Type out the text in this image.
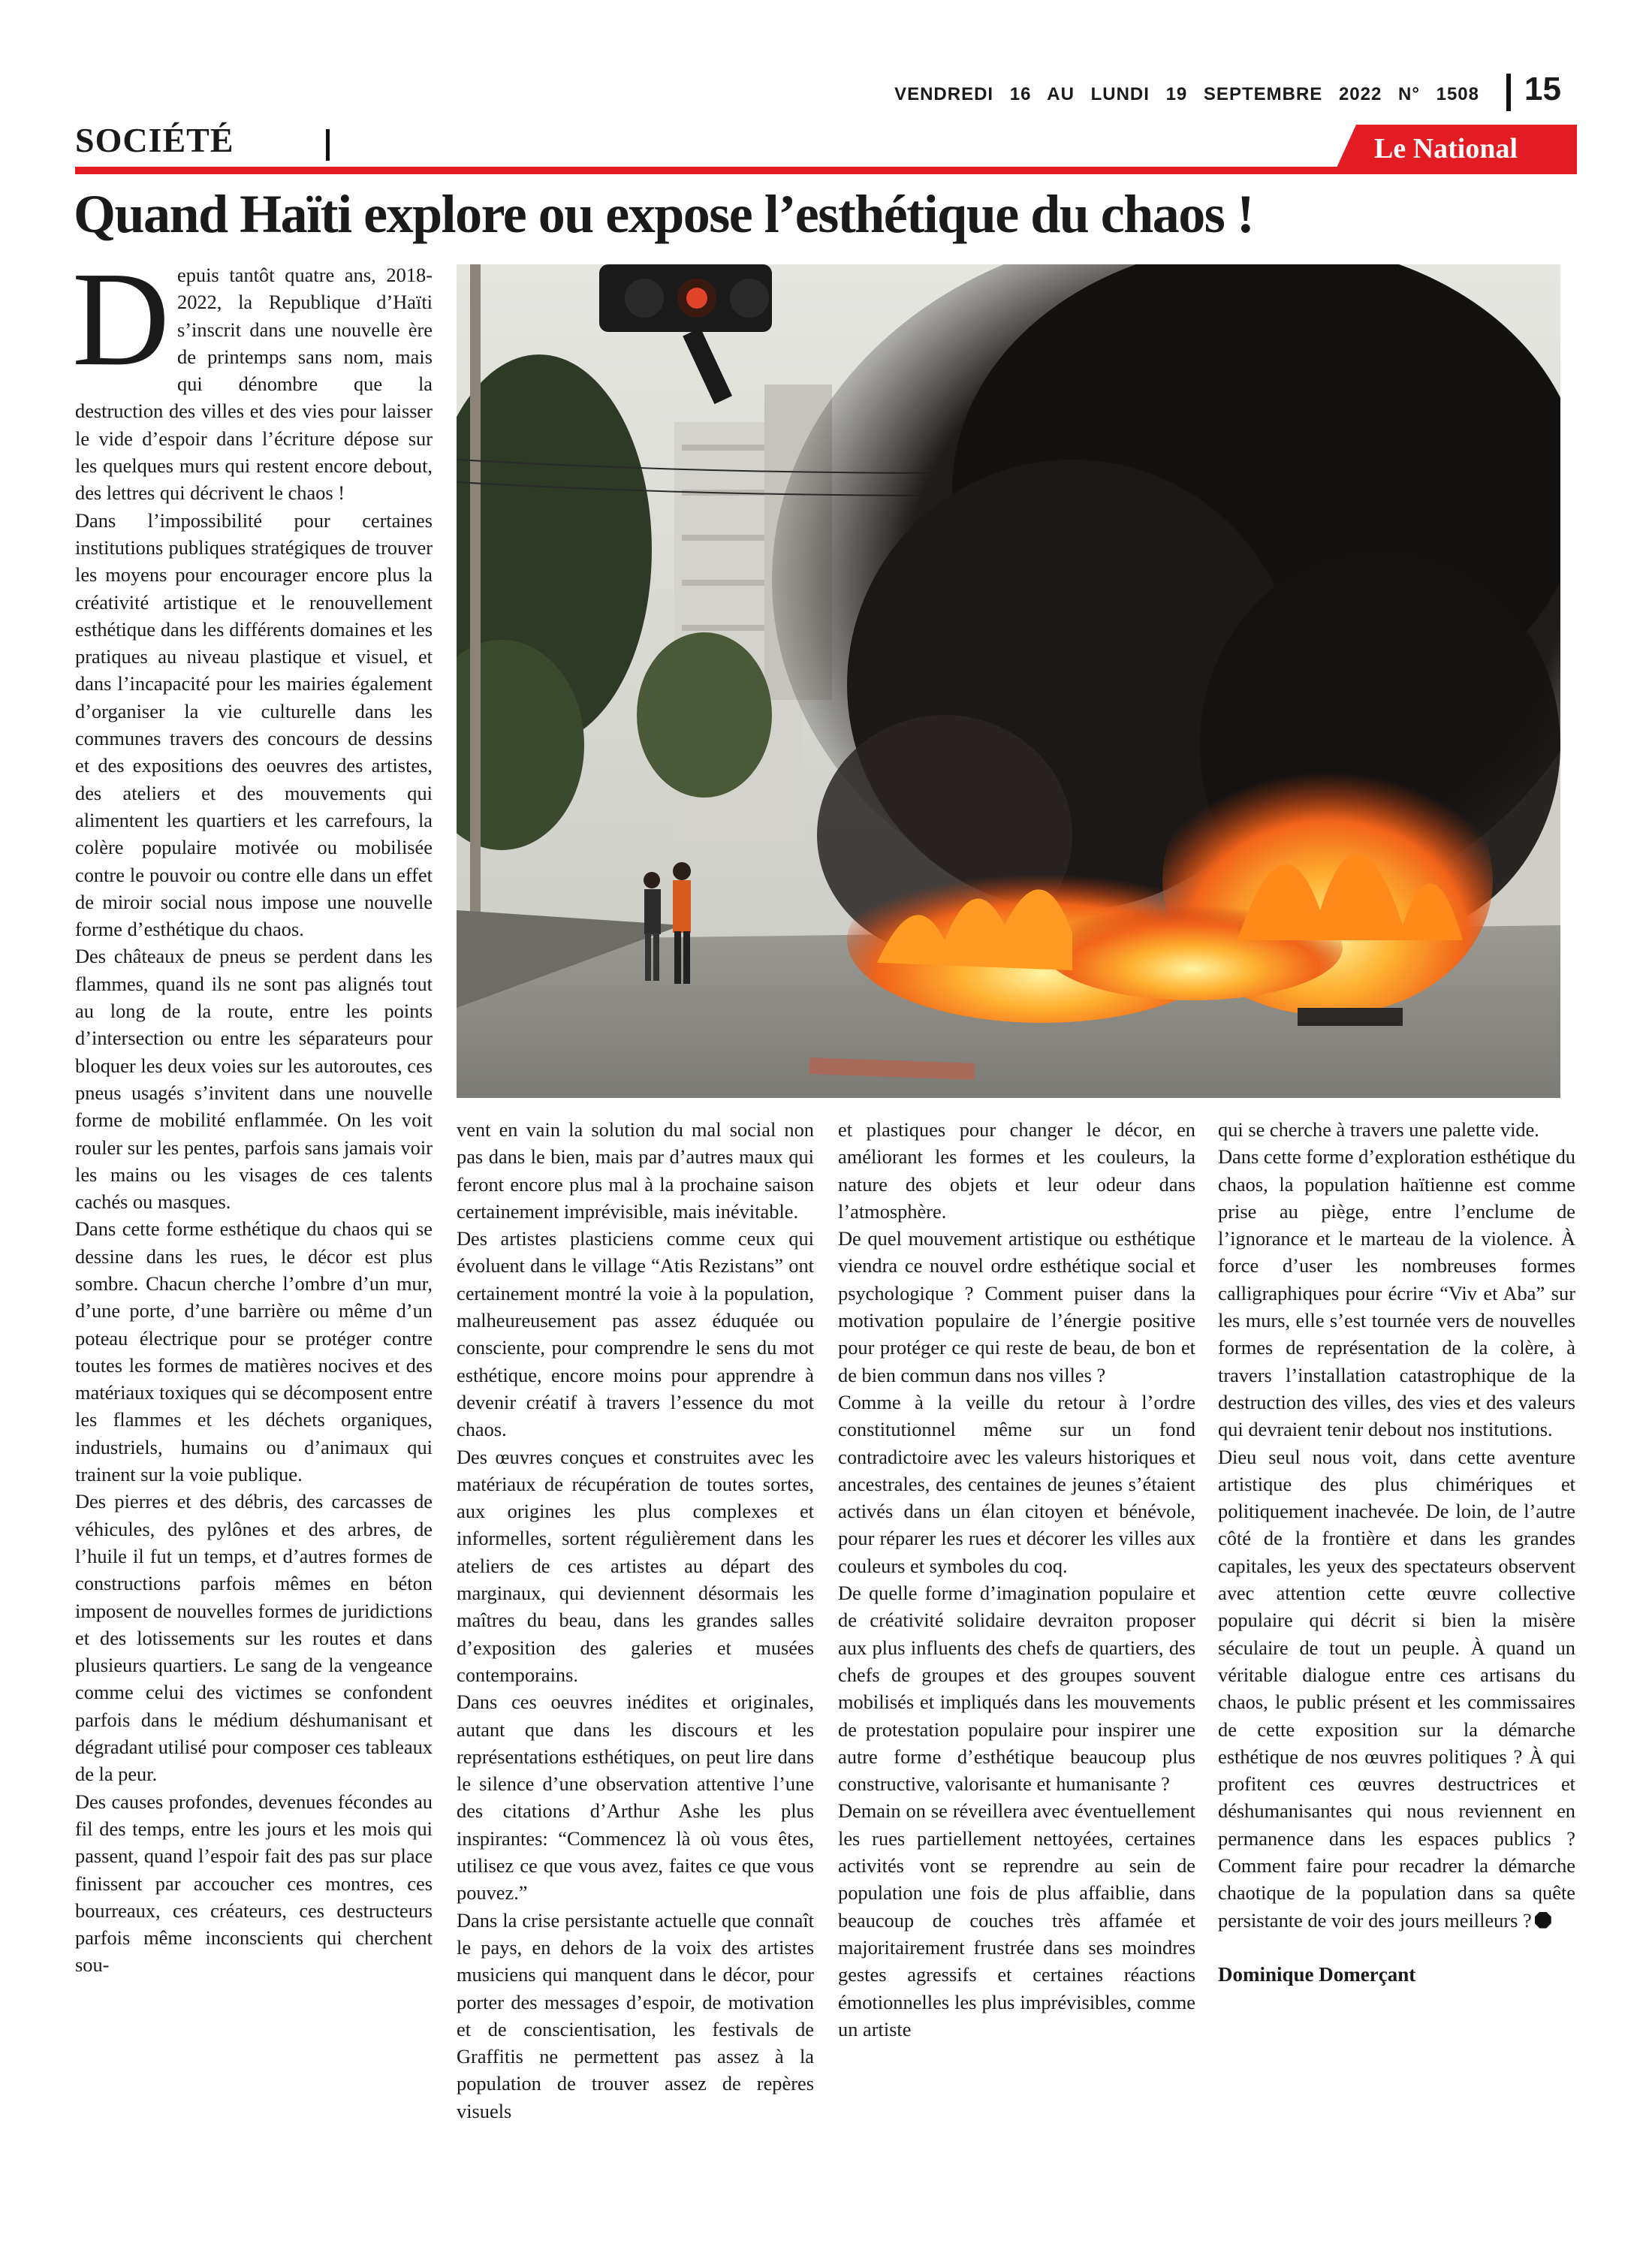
VENDREDI 16 AU LUNDI 19 SEPTEMBRE 2022 N° 1508 15
SOCIÉTÉ	Le National
Quand Haïti explore ou expose l’esthétique du chaos !

Depuis tantôt quatre ans, 2018-2022, la Republique d’Haïti s’inscrit dans une nouvelle ère de printemps sans nom, mais qui dénombre que la destruction des villes et des vies pour laisser le vide d’espoir dans l’écriture dépose sur les quelques murs qui restent encore debout, des lettres qui décrivent le chaos !

Dans l’impossibilité pour certaines institutions publiques stratégiques de trouver les moyens pour encourager encore plus la créativité artistique et le renouvellement esthétique dans les différents domaines et les pratiques au niveau plastique et visuel, et dans l’incapacité pour les mairies également d’organiser la vie culturelle dans les communes travers des concours de dessins et des expositions des oeuvres des artistes, des ateliers et des mouvements qui alimentent les quartiers et les carrefours, la colère populaire motivée ou mobilisée contre le pouvoir ou contre elle dans un effet de miroir social nous impose une nouvelle forme d’esthétique du chaos.

Des châteaux de pneus se perdent dans les flammes, quand ils ne sont pas alignés tout au long de la route, entre les points d’intersection ou entre les séparateurs pour bloquer les deux voies sur les autoroutes, ces pneus usagés s’invitent dans une nouvelle forme de mobilité enflammée. On les voit rouler sur les pentes, parfois sans jamais voir les mains ou les visages de ces talents cachés ou masques.

Dans cette forme esthétique du chaos qui se dessine dans les rues, le décor est plus sombre. Chacun cherche l’ombre d’un mur, d’une porte, d’une barrière ou même d’un poteau électrique pour se protéger contre toutes les formes de matières nocives et des matériaux toxiques qui se décomposent entre les flammes et les déchets organiques, industriels, humains ou d’animaux qui trainent sur la voie publique.

Des pierres et des débris, des carcasses de véhicules, des pylônes et des arbres, de l’huile il fut un temps, et d’autres formes de constructions parfois mêmes en béton imposent de nouvelles formes de juridictions et des lotissements sur les routes et dans plusieurs quartiers. Le sang de la vengeance comme celui des victimes se confondent parfois dans le médium déshumanisant et dégradant utilisé pour composer ces tableaux de la peur.

Des causes profondes, devenues fécondes au fil des temps, entre les jours et les mois qui passent, quand l’espoir fait des pas sur place finissent par accoucher ces montres, ces bourreaux, ces créateurs, ces destructeurs parfois même inconscients qui cherchent sou-

vent en vain la solution du mal social non pas dans le bien, mais par d’autres maux qui feront encore plus mal à la prochaine saison certainement imprévisible, mais inévitable.

Des artistes plasticiens comme ceux qui évoluent dans le village “Atis Rezistans” ont certainement montré la voie à la population, malheureusement pas assez éduquée ou consciente, pour comprendre le sens du mot esthétique, encore moins pour apprendre à devenir créatif à travers l’essence du mot chaos.

Des œuvres conçues et construites avec les matériaux de récupération de toutes sortes, aux origines les plus complexes et informelles, sortent régulièrement dans les ateliers de ces artistes au départ des marginaux, qui deviennent désormais les maîtres du beau, dans les grandes salles d’exposition des galeries et musées contemporains.

Dans ces oeuvres inédites et originales, autant que dans les discours et les représentations esthétiques, on peut lire dans le silence d’une observation attentive l’une des citations d’Arthur Ashe les plus inspirantes: “Commencez là où vous êtes, utilisez ce que vous avez, faites ce que vous pouvez.”

Dans la crise persistante actuelle que connaît le pays, en dehors de la voix des artistes musiciens qui manquent dans le décor, pour porter des messages d’espoir, de motivation et de conscientisation, les festivals de Graffitis ne permettent pas assez à la population de trouver assez de repères visuels

et plastiques pour changer le décor, en améliorant les formes et les couleurs, la nature des objets et leur odeur dans l’atmosphère.

De quel mouvement artistique ou esthétique viendra ce nouvel ordre esthétique social et psychologique ? Comment puiser dans la motivation populaire de l’énergie positive pour protéger ce qui reste de beau, de bon et de bien commun dans nos villes ?

Comme à la veille du retour à l’ordre constitutionnel même sur un fond contradictoire avec les valeurs historiques et ancestrales, des centaines de jeunes s’étaient activés dans un élan citoyen et bénévole, pour réparer les rues et décorer les villes aux couleurs et symboles du coq.

De quelle forme d’imagination populaire et de créativité solidaire devraiton proposer aux plus influents des chefs de quartiers, des chefs de groupes et des groupes souvent mobilisés et impliqués dans les mouvements de protestation populaire pour inspirer une autre forme d’esthétique beaucoup plus constructive, valorisante et humanisante ?

Demain on se réveillera avec éventuellement les rues partiellement nettoyées, certaines activités vont se reprendre au sein de population une fois de plus affaiblie, dans beaucoup de couches très affamée et majoritairement frustrée dans ses moindres gestes agressifs et certaines réactions émotionnelles les plus imprévisibles, comme un artiste

qui se cherche à travers une palette vide.

Dans cette forme d’exploration esthétique du chaos, la population haïtienne est comme prise au piège, entre l’enclume de l’ignorance et le marteau de la violence. À force d’user les nombreuses formes calligraphiques pour écrire “Viv et Aba” sur les murs, elle s’est tournée vers de nouvelles formes de représentation de la colère, à travers l’installation catastrophique de la destruction des villes, des vies et des valeurs qui devraient tenir debout nos institutions.

Dieu seul nous voit, dans cette aventure artistique des plus chimériques et politiquement inachevée. De loin, de l’autre côté de la frontière et dans les grandes capitales, les yeux des spectateurs observent avec attention cette œuvre collective populaire qui décrit si bien la misère séculaire de tout un peuple. À quand un véritable dialogue entre ces artisans du chaos, le public présent et les commissaires de cette exposition sur la démarche esthétique de nos œuvres politiques ? À qui profitent ces œuvres destructrices et déshumanisantes qui nous reviennent en permanence dans les espaces publics ? Comment faire pour recadrer la démarche chaotique de la population dans sa quête persistante de voir des jours meilleurs ?

Dominique Domerçant
